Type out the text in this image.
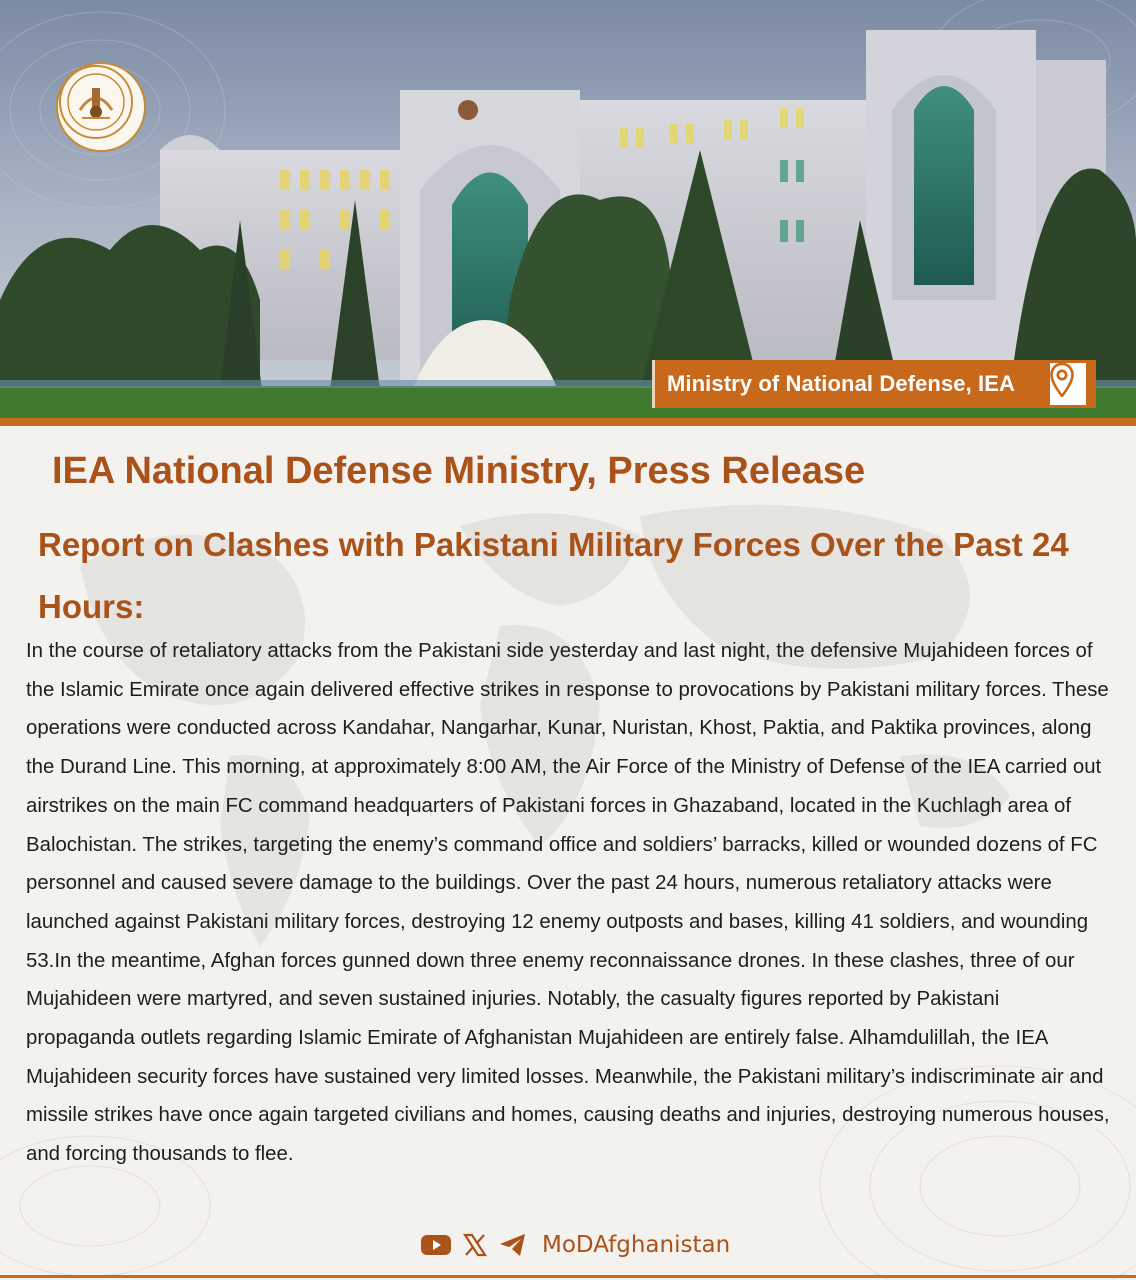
Ministry of National Defense, IEA
IEA National Defense Ministry, Press Release
Report on Clashes with Pakistani Military Forces Over the Past 24 Hours:
In the course of retaliatory attacks from the Pakistani side yesterday and last night, the defensive Mujahideen forces of the Islamic Emirate once again delivered effective strikes in response to provocations by Pakistani military forces. These operations were conducted across Kandahar, Nangarhar, Kunar, Nuristan, Khost, Paktia, and Paktika provinces, along the Durand Line. This morning, at approximately 8:00 AM, the Air Force of the Ministry of Defense of the IEA carried out airstrikes on the main FC command headquarters of Pakistani forces in Ghazaband, located in the Kuchlagh area of Balochistan. The strikes, targeting the enemy’s command office and soldiers’ barracks, killed or wounded dozens of FC personnel and caused severe damage to the buildings. Over the past 24 hours, numerous retaliatory attacks were launched against Pakistani military forces, destroying 12 enemy outposts and bases, killing 41 soldiers, and wounding 53.In the meantime, Afghan forces gunned down three enemy reconnaissance drones. In these clashes, three of our Mujahideen were martyred, and seven sustained injuries. Notably, the casualty figures reported by Pakistani propaganda outlets regarding Islamic Emirate of Afghanistan Mujahideen are entirely false. Alhamdulillah, the IEA Mujahideen security forces have sustained very limited losses. Meanwhile, the Pakistani military’s indiscriminate air and missile strikes have once again targeted civilians and homes, causing deaths and injuries, destroying numerous houses, and forcing thousands to flee.
MoDAfghanistan
